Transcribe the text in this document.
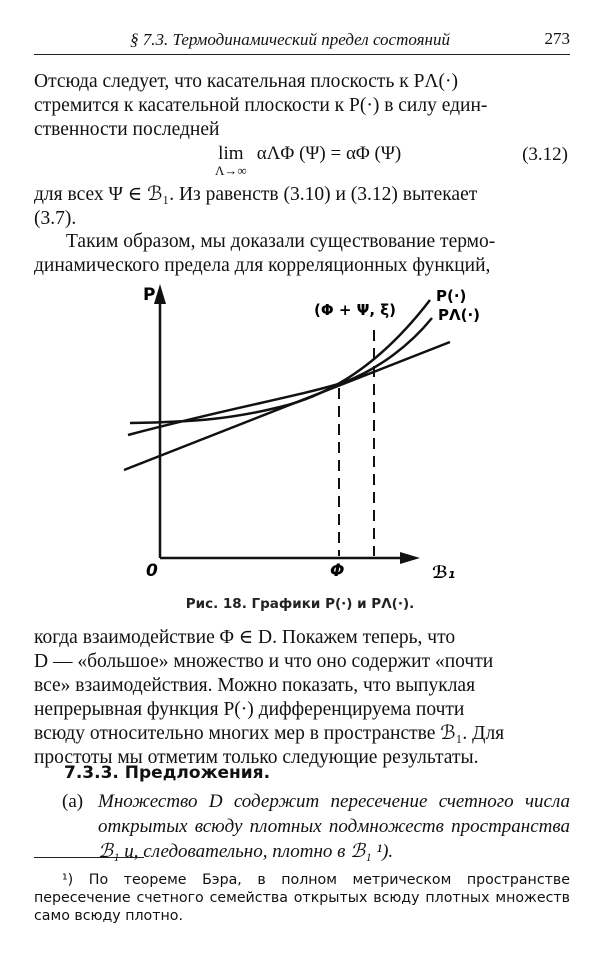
§ 7.3. Термодинамический предел состояний	273

Отсюда следует, что касательная плоскость к PΛ(·)
стремится к касательной плоскости к P(·) в силу един-
ственности последней

lim
Λ→∞
αΛΦ (Ψ) = αΦ (Ψ)	(3.12)

для всех Ψ ∈ ℬ₁. Из равенств (3.10) и (3.12) вытекает
(3.7).

Таким образом, мы доказали существование термо-
динамического предела для корреляционных функций,

P
ℬ₁
0	Φ
(Φ + Ψ, ξ)
P(·)
PΛ(·)
Рис. 18. Графики P(·) и PΛ(·).

когда взаимодействие Φ ∈ D. Покажем теперь, что
D — «большое» множество и что оно содержит «почти
все» взаимодействия. Можно показать, что выпуклая
непрерывная функция P(·) дифференцируема почти
всюду относительно многих мер в пространстве ℬ₁. Для
простоты мы отметим только следующие результаты.

7.3.3. Предложения.
(а) Множество D содержит пересечение счетного числа открытых всюду плотных подмножеств пространства ℬ₁ и, следовательно, плотно в ℬ₁ ¹).

¹) По теореме Бэра, в полном метрическом пространстве пересечение счетного семейства открытых всюду плотных множеств само всюду плотно.
